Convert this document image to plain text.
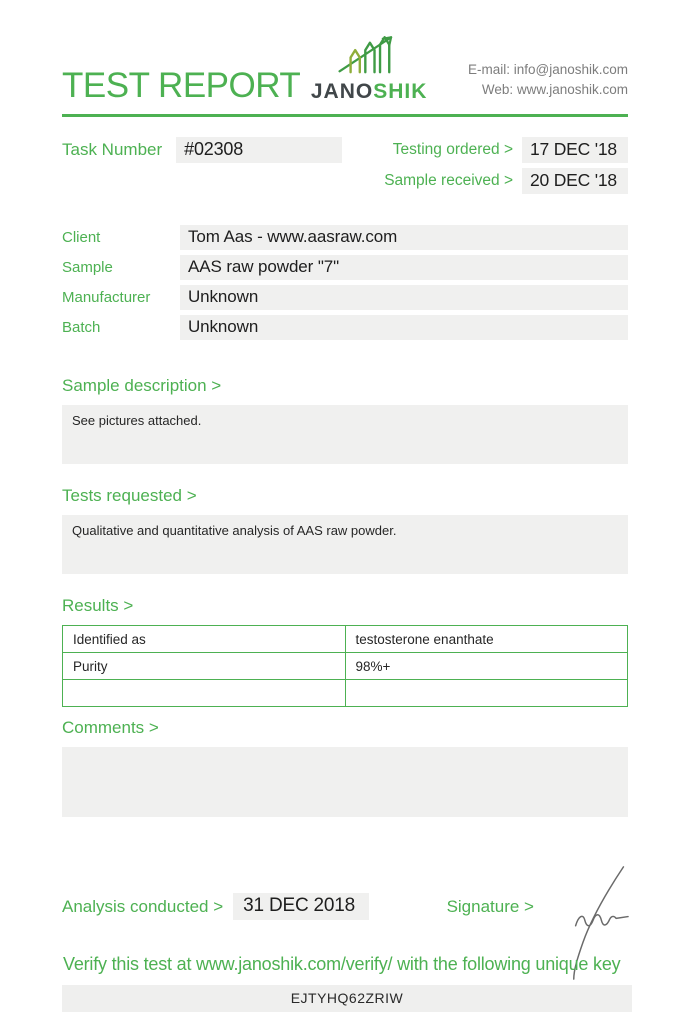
TEST REPORT JANOSHIK
E-mail: info@janoshik.com
Web: www.janoshik.com
Task Number	#02308	Testing ordered > 17 DEC '18
Sample received > 20 DEC '18
Client	Tom Aas - www.aasraw.com
Sample	AAS raw powder "7"
Manufacturer	Unknown
Batch	Unknown
Sample description >
See pictures attached.
Tests requested >
Qualitative and quantitative analysis of AAS raw powder.
Results >
Identified as	testosterone enanthate
Purity	98%+

Comments >
Analysis conducted >	31 DEC 2018	Signature >
Verify this test at www.janoshik.com/verify/ with the following unique key
EJTYHQ62ZRIW
